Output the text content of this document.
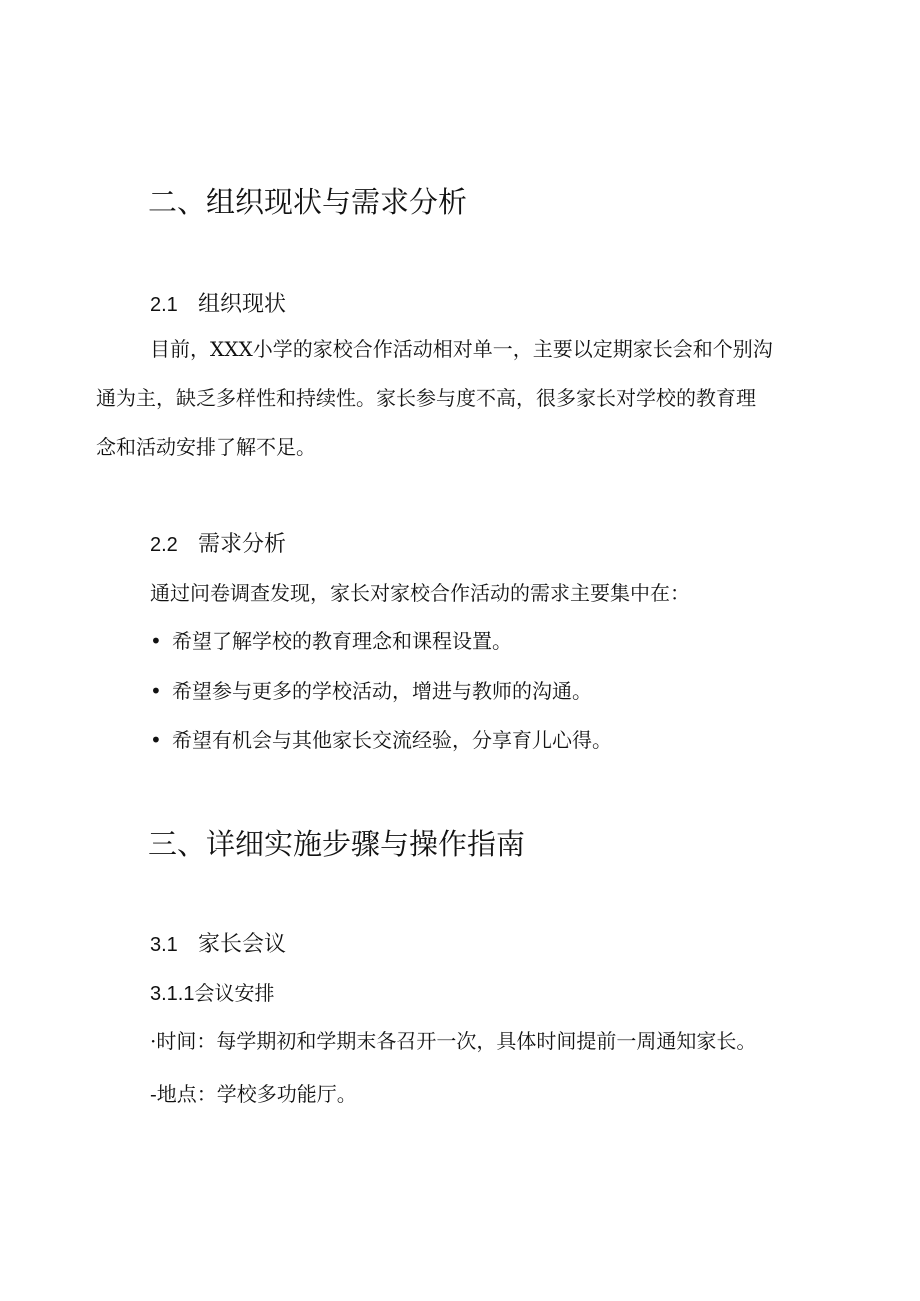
二、组织现状与需求分析
2.1 组织现状
目前，XXX小学的家校合作活动相对单一，主要以定期家长会和个别沟
通为主，缺乏多样性和持续性。家长参与度不高，很多家长对学校的教育理
念和活动安排了解不足。
2.2 需求分析
通过问卷调查发现，家长对家校合作活动的需求主要集中在：
• 希望了解学校的教育理念和课程设置。
• 希望参与更多的学校活动，增进与教师的沟通。
• 希望有机会与其他家长交流经验，分享育儿心得。
三、详细实施步骤与操作指南
3.1 家长会议
3.1.1会议安排
·时间：每学期初和学期末各召开一次，具体时间提前一周通知家长。
-地点：学校多功能厅。
